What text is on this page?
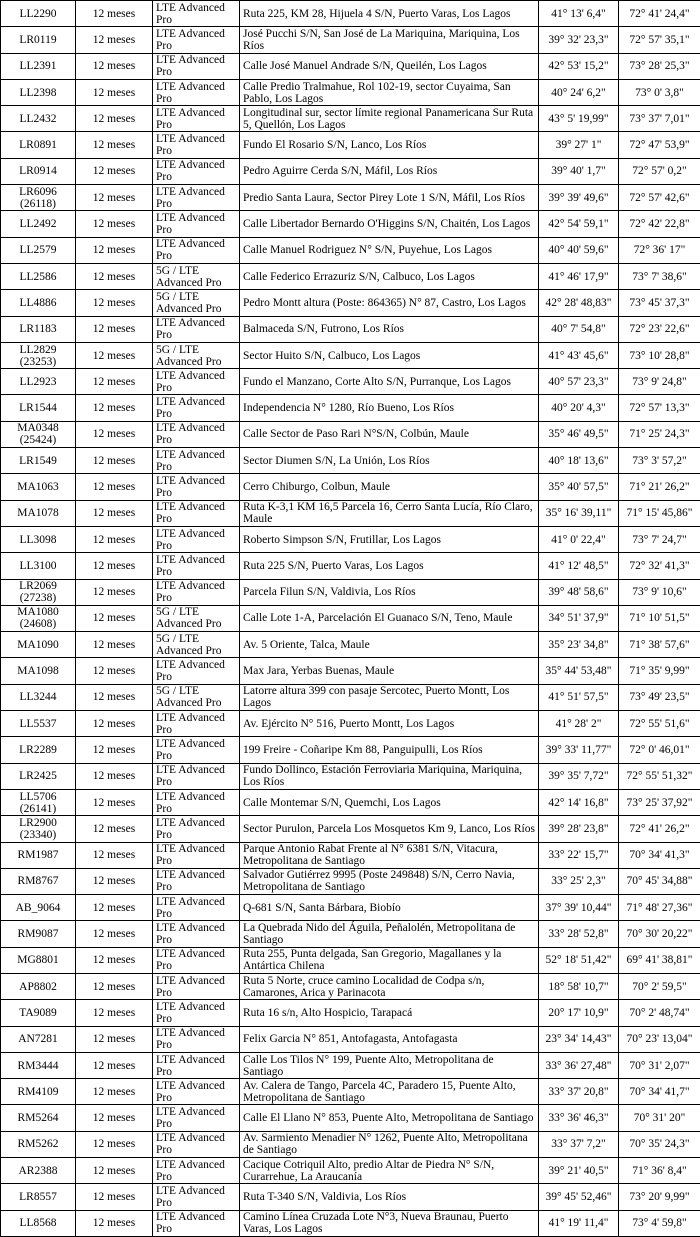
LL2290	12 meses	LTE Advanced Pro	Ruta 225, KM 28, Hijuela 4 S/N, Puerto Varas, Los Lagos	41° 13' 6,4"	72° 41' 24,4"
LR0119	12 meses	LTE Advanced Pro	José Pucchi S/N, San José de La Mariquina, Mariquina, Los Ríos	39° 32' 23,3"	72° 57' 35,1"
LL2391	12 meses	LTE Advanced Pro	Calle José Manuel Andrade S/N, Queilén, Los Lagos	42° 53' 15,2"	73° 28' 25,3"
LL2398	12 meses	LTE Advanced Pro	Calle Predio Tralmahue, Rol 102-19, sector Cuyaima, San Pablo, Los Lagos	40° 24' 6,2"	73° 0' 3,8"
LL2432	12 meses	LTE Advanced Pro	Longitudinal sur, sector límite regional Panamericana Sur Ruta 5, Quellón, Los Lagos	43° 5' 19,99"	73° 37' 7,01"
LR0891	12 meses	LTE Advanced Pro	Fundo El Rosario S/N, Lanco, Los Ríos	39° 27' 1"	72° 47' 53,9"
LR0914	12 meses	LTE Advanced Pro	Pedro Aguirre Cerda S/N, Máfil, Los Ríos	39° 40' 1,7"	72° 57' 0,2"
LR6096 (26118)	12 meses	LTE Advanced Pro	Predio Santa Laura, Sector Pirey Lote 1 S/N, Máfil, Los Ríos	39° 39' 49,6"	72° 57' 42,6"
LL2492	12 meses	LTE Advanced Pro	Calle Libertador Bernardo O'Higgins S/N, Chaitén, Los Lagos	42° 54' 59,1"	72° 42' 22,8"
LL2579	12 meses	LTE Advanced Pro	Calle Manuel Rodriguez N° S/N, Puyehue, Los Lagos	40° 40' 59,6"	72° 36' 17"
LL2586	12 meses	5G / LTE Advanced Pro	Calle Federico Errazuriz S/N, Calbuco, Los Lagos	41° 46' 17,9"	73° 7' 38,6"
LL4886	12 meses	5G / LTE Advanced Pro	Pedro Montt altura (Poste: 864365) N° 87, Castro, Los Lagos	42° 28' 48,83"	73° 45' 37,3"
LR1183	12 meses	LTE Advanced Pro	Balmaceda S/N, Futrono, Los Ríos	40° 7' 54,8"	72° 23' 22,6"
LL2829 (23253)	12 meses	5G / LTE Advanced Pro	Sector Huito S/N, Calbuco, Los Lagos	41° 43' 45,6"	73° 10' 28,8"
LL2923	12 meses	LTE Advanced Pro	Fundo el Manzano, Corte Alto S/N, Purranque, Los Lagos	40° 57' 23,3"	73° 9' 24,8"
LR1544	12 meses	LTE Advanced Pro	Independencia N° 1280, Río Bueno, Los Ríos	40° 20' 4,3"	72° 57' 13,3"
MA0348 (25424)	12 meses	LTE Advanced Pro	Calle Sector de Paso Rari N°S/N, Colbún, Maule	35° 46' 49,5"	71° 25' 24,3"
LR1549	12 meses	LTE Advanced Pro	Sector Diumen S/N, La Unión, Los Ríos	40° 18' 13,6"	73° 3' 57,2"
MA1063	12 meses	LTE Advanced Pro	Cerro Chiburgo, Colbun, Maule	35° 40' 57,5"	71° 21' 26,2"
MA1078	12 meses	LTE Advanced Pro	Ruta K-3,1 KM 16,5 Parcela 16, Cerro Santa Lucía, Río Claro, Maule	35° 16' 39,11"	71° 15' 45,86"
LL3098	12 meses	LTE Advanced Pro	Roberto Simpson S/N, Frutillar, Los Lagos	41° 0' 22,4"	73° 7' 24,7"
LL3100	12 meses	LTE Advanced Pro	Ruta 225 S/N, Puerto Varas, Los Lagos	41° 12' 48,5"	72° 32' 41,3"
LR2069 (27238)	12 meses	LTE Advanced Pro	Parcela Filun S/N, Valdivia, Los Ríos	39° 48' 58,6"	73° 9' 10,6"
MA1080 (24608)	12 meses	5G / LTE Advanced Pro	Calle Lote 1-A, Parcelación El Guanaco S/N, Teno, Maule	34° 51' 37,9"	71° 10' 51,5"
MA1090	12 meses	5G / LTE Advanced Pro	Av. 5 Oriente, Talca, Maule	35° 23' 34,8"	71° 38' 57,6"
MA1098	12 meses	LTE Advanced Pro	Max Jara, Yerbas Buenas, Maule	35° 44' 53,48"	71° 35' 9,99"
LL3244	12 meses	5G / LTE Advanced Pro	Latorre altura 399 con pasaje Sercotec, Puerto Montt, Los Lagos	41° 51' 57,5"	73° 49' 23,5"
LL5537	12 meses	LTE Advanced Pro	Av. Ejército N° 516, Puerto Montt, Los Lagos	41° 28' 2"	72° 55' 51,6"
LR2289	12 meses	LTE Advanced Pro	199 Freire - Coñaripe Km 88, Panguipulli, Los Ríos	39° 33' 11,77"	72° 0' 46,01"
LR2425	12 meses	LTE Advanced Pro	Fundo Dollinco, Estación Ferroviaria Mariquina, Mariquina, Los Ríos	39° 35' 7,72"	72° 55' 51,32"
LL5706 (26141)	12 meses	LTE Advanced Pro	Calle Montemar S/N, Quemchi, Los Lagos	42° 14' 16,8"	73° 25' 37,92"
LR2900 (23340)	12 meses	LTE Advanced Pro	Sector Purulon, Parcela Los Mosquetos Km 9, Lanco, Los Ríos	39° 28' 23,8"	72° 41' 26,2"
RM1987	12 meses	LTE Advanced Pro	Parque Antonio Rabat Frente al N° 6381 S/N, Vitacura, Metropolitana de Santiago	33° 22' 15,7"	70° 34' 41,3"
RM8767	12 meses	LTE Advanced Pro	Salvador Gutiérrez 9995 (Poste 249848) S/N, Cerro Navia, Metropolitana de Santiago	33° 25' 2,3"	70° 45' 34,88"
AB_9064	12 meses	LTE Advanced Pro	Q-681 S/N, Santa Bárbara, Biobío	37° 39' 10,44"	71° 48' 27,36"
RM9087	12 meses	LTE Advanced Pro	La Quebrada Nido del Águila, Peñalolén, Metropolitana de Santiago	33° 28' 52,8"	70° 30' 20,22"
MG8801	12 meses	LTE Advanced Pro	Ruta 255, Punta delgada, San Gregorio, Magallanes y la Antártica Chilena	52° 18' 51,42"	69° 41' 38,81"
AP8802	12 meses	LTE Advanced Pro	Ruta 5 Norte, cruce camino Localidad de Codpa s/n, Camarones, Arica y Parinacota	18° 58' 10,7"	70° 2' 59,5"
TA9089	12 meses	LTE Advanced Pro	Ruta 16 s/n, Alto Hospicio, Tarapacá	20° 17' 10,9"	70° 2' 48,74"
AN7281	12 meses	LTE Advanced Pro	Felix Garcia N° 851, Antofagasta, Antofagasta	23° 34' 14,43"	70° 23' 13,04"
RM3444	12 meses	LTE Advanced Pro	Calle Los Tilos N° 199, Puente Alto, Metropolitana de Santiago	33° 36' 27,48"	70° 31' 2,07"
RM4109	12 meses	LTE Advanced Pro	Av. Calera de Tango, Parcela 4C, Paradero 15, Puente Alto, Metropolitana de Santiago	33° 37' 20,8"	70° 34' 41,7"
RM5264	12 meses	LTE Advanced Pro	Calle El Llano N° 853, Puente Alto, Metropolitana de Santiago	33° 36' 46,3"	70° 31' 20"
RM5262	12 meses	LTE Advanced Pro	Av. Sarmiento Menadier N° 1262, Puente Alto, Metropolitana de Santiago	33° 37' 7,2"	70° 35' 24,3"
AR2388	12 meses	LTE Advanced Pro	Cacique Cotriquil Alto, predio Altar de Piedra N° S/N, Curarrehue, La Araucanía	39° 21' 40,5"	71° 36' 8,4"
LR8557	12 meses	LTE Advanced Pro	Ruta T-340 S/N, Valdivia, Los Ríos	39° 45' 52,46"	73° 20' 9,99"
LL8568	12 meses	LTE Advanced Pro	Camino Línea Cruzada Lote N°3, Nueva Braunau, Puerto Varas, Los Lagos	41° 19' 11,4"	73° 4' 59,8"
